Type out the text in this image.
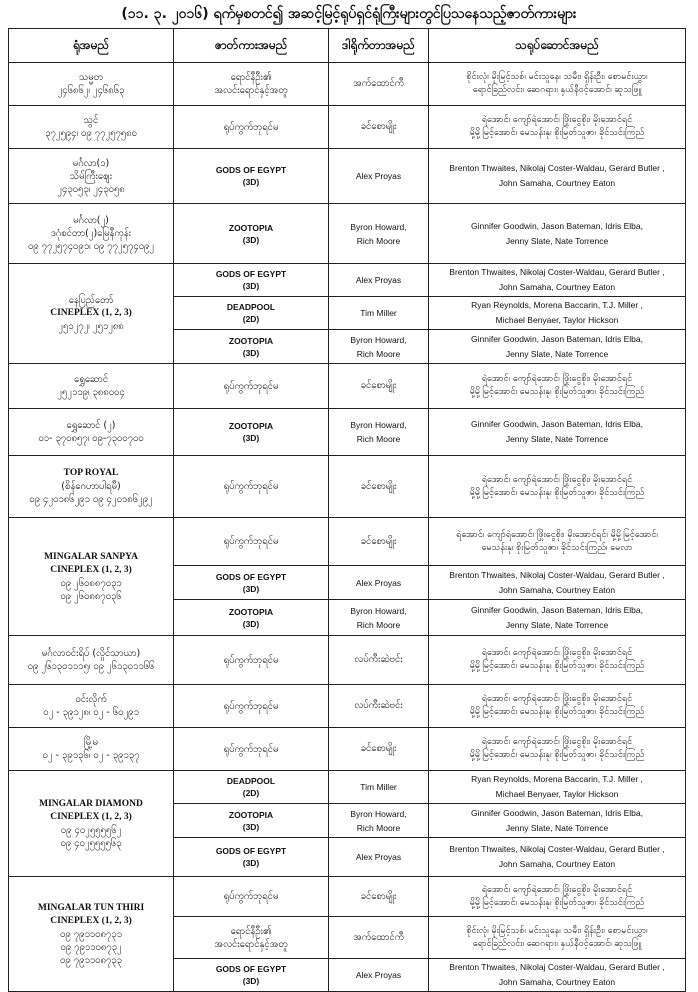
(၁၁. ၃. ၂၀၁၆) ရက်မှစတင်၍ အဆင့်မြင့်ရုပ်ရှင်ရုံကြီးများတွင်ပြသနေသည့်ဇာတ်ကားများ
ရုံအမည်	ဇာတ်ကားအမည်	ဒါရိုက်တာအမည်	သရုပ်ဆောင်အမည်

သမ္မတ
၂၄၆၈၆၂၊ ၂၄၆၈၆၃	ရောင်နီဦး၏
အလင်းရောင်နှင့်အတူ	အက်ထောင်ကီ	စိုင်းလုံ၊ မိုးမြင့်သစ်၊ မင်းသူနေ၊ သမီး၊ ရှိန်းဦး၊ စောမင်းယွှာ၊
ရောင်ခြည်လင်း၊ ဆေဂရား၊ နှယ်နီဝင့်အောင်၊ ဆုသဖြူ

သွင်
၃၇၂၅၉၄၊ ၀၉ ၇၇၂၅၇၅၈၀	ရုပ်ကွက်ဘုရင်မ	ခင်စောမျိုး	ရဲအောင်၊ ကျော်ရဲအောင်၊ ဖြိုးငွေစိုး၊ မိုးအောင်ရင်
မို့မို့မြင့်အောင်၊ မေသန်းနု၊ စိုးမြတ်သူဇာ၊ ခိုင်သင်းကြည်

မင်္ဂလာ(၁)
သိမ်ကြီးဈေး
၂၄၃၀၅၃၊ ၂၄၃၀၅၈	GODS OF EGYPT
(3D)	Alex Proyas	Brenton Thwaites, Nikolaj Coster-Waldau, Gerard Butler ,
John Samaha, Courtney Eaton

မင်္ဂလာ(၂)
ဒဂုံစင်တာ(၂)မြေနီကုန်း
၀၉ ၇၇၂၅၇၄၀၉၁၊ ၀၉ ၇၇၂၅၇၄၀၉၂	ZOOTOPIA
(3D)	Byron Howard,
Rich Moore	Ginnifer Goodwin, Jason Bateman, Idris Elba,
Jenny Slate, Nate Torrence

နေပြည်တော်
CINEPLEX (1, 2, 3)
၂၅၁၂၇၂၊ ၂၅၁၂၈၈	GODS OF EGYPT
(3D)	Alex Proyas	Brenton Thwaites, Nikolaj Coster-Waldau, Gerard Butler ,
John Samaha, Courtney Eaton

	DEADPOOL
(2D)	Tim Miller	Ryan Reynolds, Morena Baccarin, T.J. Miller ,
Michael Benyaer, Taylor Hickson

	ZOOTOPIA
(3D)	Byron Howard,
Rich Moore	Ginnifer Goodwin, Jason Bateman, Idris Elba,
Jenny Slate, Nate Torrence

ရွှေဆောင်
၂၅၂၁၁၉၊ ၃၈၈၀၀၄	ရုပ်ကွက်ဘုရင်မ	ခင်စောမျိုး	ရဲအောင်၊ ကျော်ရဲအောင်၊ ဖြိုးငွေစိုး၊ မိုးအောင်ရင်
မို့မို့မြင့်အောင်၊ မေသန်းနု၊ စိုးမြတ်သူဇာ၊ ခိုင်သင်းကြည်

ရွှေဆောင် (၂)
၀၁- ၃၇၀၈၅၇၊ ၀၉-၇၃၀၀၇၀၀	ZOOTOPIA
(3D)	Byron Howard,
Rich Moore	Ginnifer Goodwin, Jason Bateman, Idris Elba,
Jenny Slate, Nate Torrence

TOP ROYAL
(စိန်ဂေဟာပါရမီ)
၀၉ ၄၂၀၁၈၆၂၉၁ ၀၉ ၄၂၀၁၈၆၂၉၂	ရုပ်ကွက်ဘုရင်မ	ခင်စောမျိုး	ရဲအောင်၊ ကျော်ရဲအောင်၊ ဖြိုးငွေစိုး၊ မိုးအောင်ရင်
မို့မို့မြင့်အောင်၊ မေသန်းနု၊ စိုးမြတ်သူဇာ၊ ခိုင်သင်းကြည်

MINGALAR SANPYA
CINEPLEX (1, 2, 3)
၀၉ ၂၆၀၈၈၇၀၃၁
၀၉ ၂၆၀၈၈၇၀၃၆	ရုပ်ကွက်ဘုရင်မ	ခင်စောမျိုး	ရဲအောင်၊ ကျော်ရဲအောင်၊ ဖြိုးငွေစိုး၊ မိုးအောင်ရင်၊ မို့မို့မြင့်အောင်၊
မေသန်းနု၊ စိုးမြတ်သူဇာ၊ ခိုင်သင်းကြည်၊ မေလာ

	GODS OF EGYPT
(3D)	Alex Proyas	Brenton Thwaites, Nikolaj Coster-Waldau, Gerard Butler ,
John Samaha, Courtney Eaton

	ZOOTOPIA
(3D)	Byron Howard,
Rich Moore	Ginnifer Goodwin, Jason Bateman, Idris Elba,
Jenny Slate, Nate Torrence

မင်္ဂလာဝင်းရိပ် (လှိုင်သာယာ)
၀၉ ၂၆၁၃၀၁၁၁၅၊ ၀၉ ၂၆၁၃၀၁၁၆၆	ရုပ်ကွက်ဘုရင်မ	လပ်ကီးဆဲဗင်း	ရဲအောင်၊ ကျော်ရဲအောင်၊ ဖြိုးငွေစိုး၊ မိုးအောင်ရင်
မို့မို့မြင့်အောင်၊ မေသန်းနု၊ စိုးမြတ်သူဇာ၊ ခိုင်သင်းကြည်

ဝင်းလိုက်
၀၂ - ၃၉၁၂၈၊ ၀၂ - ၆၀၂၉၁	ရုပ်ကွက်ဘုရင်မ	လပ်ကီးဆဲဗင်း	ရဲအောင်၊ ကျော်ရဲအောင်၊ ဖြိုးငွေစိုး၊ မိုးအောင်ရင်
မို့မို့မြင့်အောင်၊ မေသန်းနု၊ စိုးမြတ်သူဇာ၊ ခိုင်သင်းကြည်

မြို့မ
၀၂ - ၃၉၁၃၆၊ ၀၂ - ၃၉၁၃၇	ရုပ်ကွက်ဘုရင်မ	ခင်စောမျိုး	ရဲအောင်၊ ကျော်ရဲအောင်၊ ဖြိုးငွေစိုး၊ မိုးအောင်ရင်
မို့မို့မြင့်အောင်၊ မေသန်းနု၊ စိုးမြတ်သူဇာ၊ ခိုင်သင်းကြည်

MINGALAR DIAMOND
CINEPLEX (1, 2, 3)
၀၉ ၄၀၂၅၅၅၅၆၂
၀၉ ၄၀၂၅၅၅၅၆၃	DEADPOOL
(2D)	Tim Miller	Ryan Reynolds, Morena Baccarin, T.J. Miller ,
Michael Benyaer, Taylor Hickson

	ZOOTOPIA
(3D)	Byron Howard,
Rich Moore	Ginnifer Goodwin, Jason Bateman, Idris Elba,
Jenny Slate, Nate Torrence

	GODS OF EGYPT
(3D)	Alex Proyas	Brenton Thwaites, Nikolaj Coster-Waldau, Gerard Butler ,
John Samaha, Courtney Eaton

MINGALAR TUN THIRI
CINEPLEX (1, 2, 3)
၀၉ ၇၉၁၁၀၈၇၃၁
၀၉ ၇၉၁၁၀၈၇၃၂
၀၉ ၇၉၁၁၀၈၇၃၃	ရုပ်ကွက်ဘုရင်မ	ခင်စောမျိုး	ရဲအောင်၊ ကျော်ရဲအောင်၊ ဖြိုးငွေစိုး၊ မိုးအောင်ရင်
မို့မို့မြင့်အောင်၊ မေသန်းနု၊ စိုးမြတ်သူဇာ၊ ခိုင်သင်းကြည်

	ရောင်နီဦး၏
အလင်းရောင်နှင့်အတူ	အက်ထောင်ကီ	စိုင်းလုံ၊ မိုးမြင့်သစ်၊ မင်းသူနေ၊ သမီး၊ ရှိန်းဦး၊ စောမင်းယွှာ၊
ရောင်ခြည်လင်း၊ ဆေဂရား၊ နှယ်နီဝင့်အောင်၊ ဆုသဖြူ

	GODS OF EGYPT
(3D)	Alex Proyas	Brenton Thwaites, Nikolaj Coster-Waldau, Gerard Butler ,
John Samaha, Courtney Eaton
